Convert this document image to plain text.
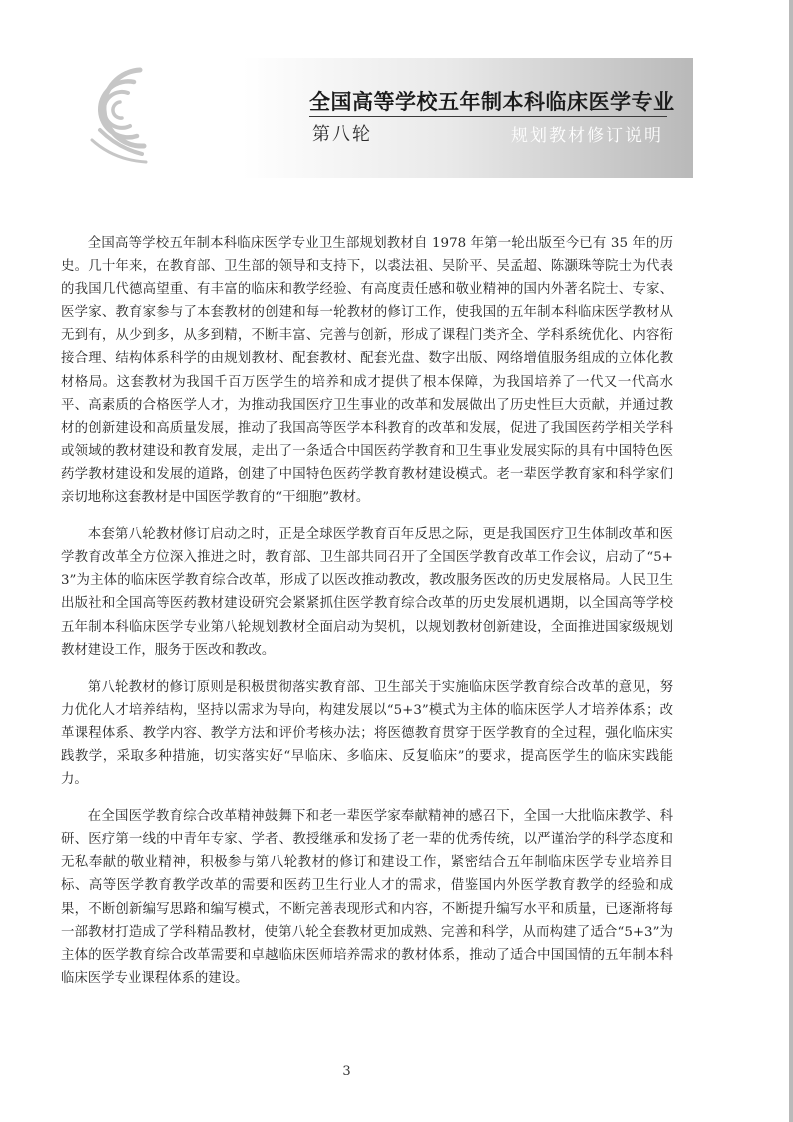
全国高等学校五年制本科临床医学专业
第八轮	规划教材修订说明

全国高等学校五年制本科临床医学专业卫生部规划教材自 1978 年第一轮出版至今已有 35 年的历史。几十年来，在教育部、卫生部的领导和支持下，以裘法祖、吴阶平、吴孟超、陈灏珠等院士为代表的我国几代德高望重、有丰富的临床和教学经验、有高度责任感和敬业精神的国内外著名院士、专家、医学家、教育家参与了本套教材的创建和每一轮教材的修订工作，使我国的五年制本科临床医学教材从无到有，从少到多，从多到精，不断丰富、完善与创新，形成了课程门类齐全、学科系统优化、内容衔接合理、结构体系科学的由规划教材、配套教材、配套光盘、数字出版、网络增值服务组成的立体化教材格局。这套教材为我国千百万医学生的培养和成才提供了根本保障，为我国培养了一代又一代高水平、高素质的合格医学人才，为推动我国医疗卫生事业的改革和发展做出了历史性巨大贡献，并通过教材的创新建设和高质量发展，推动了我国高等医学本科教育的改革和发展，促进了我国医药学相关学科或领域的教材建设和教育发展，走出了一条适合中国医药学教育和卫生事业发展实际的具有中国特色医药学教材建设和发展的道路，创建了中国特色医药学教育教材建设模式。老一辈医学教育家和科学家们亲切地称这套教材是中国医学教育的“干细胞”教材。

本套第八轮教材修订启动之时，正是全球医学教育百年反思之际，更是我国医疗卫生体制改革和医学教育改革全方位深入推进之时，教育部、卫生部共同召开了全国医学教育改革工作会议，启动了“5+3”为主体的临床医学教育综合改革，形成了以医改推动教改，教改服务医改的历史发展格局。人民卫生出版社和全国高等医药教材建设研究会紧紧抓住医学教育综合改革的历史发展机遇期，以全国高等学校五年制本科临床医学专业第八轮规划教材全面启动为契机，以规划教材创新建设，全面推进国家级规划教材建设工作，服务于医改和教改。

第八轮教材的修订原则是积极贯彻落实教育部、卫生部关于实施临床医学教育综合改革的意见，努力优化人才培养结构，坚持以需求为导向，构建发展以“5+3”模式为主体的临床医学人才培养体系；改革课程体系、教学内容、教学方法和评价考核办法；将医德教育贯穿于医学教育的全过程，强化临床实践教学，采取多种措施，切实落实好“早临床、多临床、反复临床”的要求，提高医学生的临床实践能力。

在全国医学教育综合改革精神鼓舞下和老一辈医学家奉献精神的感召下，全国一大批临床教学、科研、医疗第一线的中青年专家、学者、教授继承和发扬了老一辈的优秀传统，以严谨治学的科学态度和无私奉献的敬业精神，积极参与第八轮教材的修订和建设工作，紧密结合五年制临床医学专业培养目标、高等医学教育教学改革的需要和医药卫生行业人才的需求，借鉴国内外医学教育教学的经验和成果，不断创新编写思路和编写模式，不断完善表现形式和内容，不断提升编写水平和质量，已逐渐将每一部教材打造成了学科精品教材，使第八轮全套教材更加成熟、完善和科学，从而构建了适合“5+3”为主体的医学教育综合改革需要和卓越临床医师培养需求的教材体系，推动了适合中国国情的五年制本科临床医学专业课程体系的建设。

3
